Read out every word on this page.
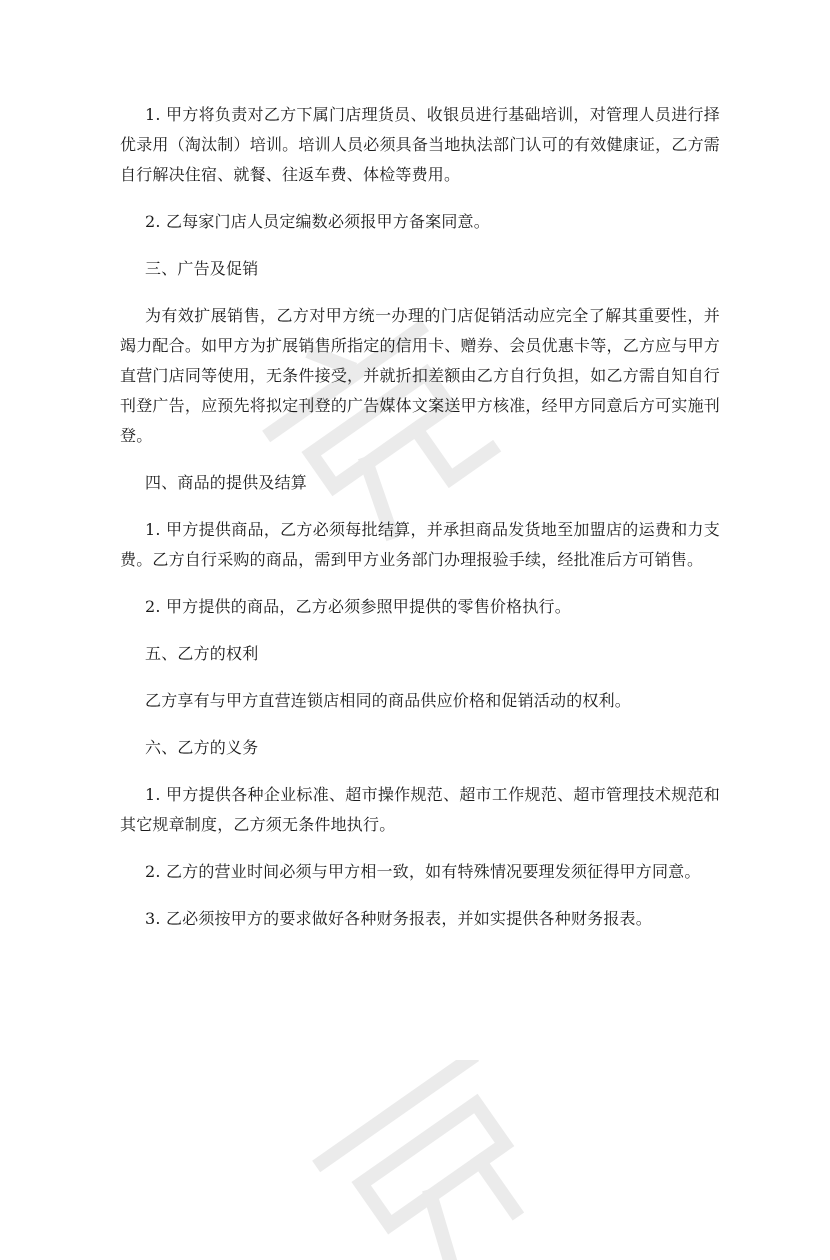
1. 甲方将负责对乙方下属门店理货员、收银员进行基础培训，对管理人员进行择优录用（淘汰制）培训。培训人员必须具备当地执法部门认可的有效健康证，乙方需自行解决住宿、就餐、往返车费、体检等费用。

2. 乙每家门店人员定编数必须报甲方备案同意。

三、广告及促销

为有效扩展销售，乙方对甲方统一办理的门店促销活动应完全了解其重要性，并竭力配合。如甲方为扩展销售所指定的信用卡、赠券、会员优惠卡等，乙方应与甲方直营门店同等使用，无条件接受，并就折扣差额由乙方自行负担，如乙方需自知自行刊登广告，应预先将拟定刊登的广告媒体文案送甲方核准，经甲方同意后方可实施刊登。

四、商品的提供及结算

1. 甲方提供商品，乙方必须每批结算，并承担商品发货地至加盟店的运费和力支费。乙方自行采购的商品，需到甲方业务部门办理报验手续，经批准后方可销售。

2. 甲方提供的商品，乙方必须参照甲提供的零售价格执行。

五、乙方的权利

乙方享有与甲方直营连锁店相同的商品供应价格和促销活动的权利。

六、乙方的义务

1. 甲方提供各种企业标准、超市操作规范、超市工作规范、超市管理技术规范和其它规章制度，乙方须无条件地执行。

2. 乙方的营业时间必须与甲方相一致，如有特殊情况要理发须征得甲方同意。

3. 乙必须按甲方的要求做好各种财务报表，并如实提供各种财务报表。
